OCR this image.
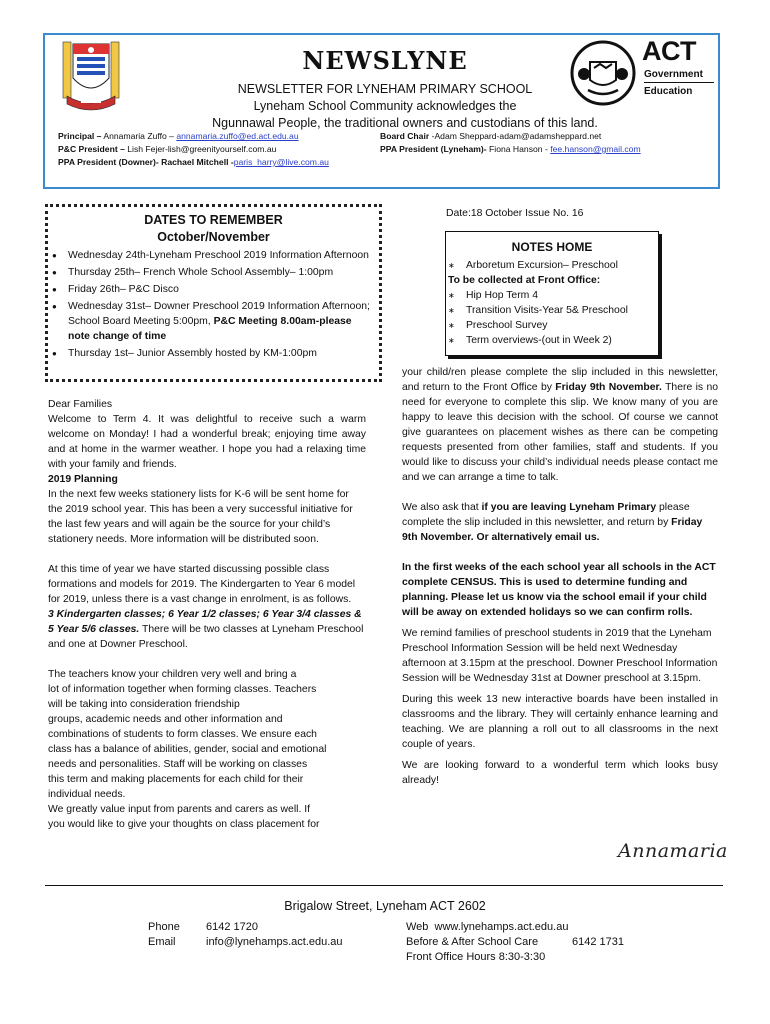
ACT
Government
Education
NEWSLYNE
NEWSLETTER FOR LYNEHAM PRIMARY SCHOOL
Lyneham School Community acknowledges the
Ngunnawal People, the traditional owners and custodians of this land.
Principal – Annamaria Zuffo – annamaria.zuffo@ed.act.edu.au
P&C President – Lish Fejer-lish@greenityourself.com.au
PPA President (Downer)- Rachael Mitchell -paris_harry@live.com.au
Board Chair -Adam Sheppard-adam@adamsheppard.net
PPA President (Lyneham)- Fiona Hanson - fee.hanson@gmail.com
DATES TO REMEMBER
October/November
● Wednesday 24th-Lyneham Preschool 2019 Information Afternoon
● Thursday 25th– French Whole School Assembly– 1:00pm
● Friday 26th– P&C Disco
● Wednesday 31st– Downer Preschool 2019 Information Afternoon; School Board Meeting 5:00pm, P&C Meeting 8.00am-please note change of time
● Thursday 1st– Junior Assembly hosted by KM-1:00pm
Date:18 October Issue No. 16
NOTES HOME
∗ Arboretum Excursion– Preschool
To be collected at Front Office:
∗ Hip Hop Term 4
∗ Transition Visits-Year 5& Preschool
∗ Preschool Survey
∗ Term overviews-(out in Week 2)

Dear Families

Welcome to Term 4. It was delightful to receive such a warm welcome on Monday! I had a wonderful break; enjoying time away and at home in the warmer weather. I hope you had a relaxing time with your family and friends.

2019 Planning

In the next few weeks stationery lists for K-6 will be sent home for the 2019 school year. This has been a very successful initiative for the last few years and will again be the source for your child’s stationery needs. More information will be distributed soon.

At this time of year we have started discussing possible class formations and models for 2019. The Kindergarten to Year 6 model for 2019, unless there is a vast change in enrolment, is as follows.
3 Kindergarten classes; 6 Year 1/2 classes; 6 Year 3/4 classes & 5 Year 5/6 classes. There will be two classes at Lyneham Preschool and one at Downer Preschool.

The teachers know your children very well and bring a
lot of information together when forming classes. Teachers
will be taking into consideration friendship
groups, academic needs and other information and
combinations of students to form classes. We ensure each
class has a balance of abilities, gender, social and emotional
needs and personalities. Staff will be working on classes
this term and making placements for each child for their
individual needs.
We greatly value input from parents and carers as well. If
you would like to give your thoughts on class placement for

your child/ren please complete the slip included in this newsletter, and return to the Front Office by Friday 9th November. There is no need for everyone to complete this slip. We know many of you are happy to leave this decision with the school. Of course we cannot give guarantees on placement wishes as there can be competing requests presented from other families, staff and students. If you would like to discuss your child’s individual needs please contact me and we can arrange a time to talk.

We also ask that if you are leaving Lyneham Primary please complete the slip included in this newsletter, and return by Friday 9th November. Or alternatively email us.

In the first weeks of the each school year all schools in the ACT complete CENSUS. This is used to determine funding and planning. Please let us know via the school email if your child will be away on extended holidays so we can confirm rolls.

We remind families of preschool students in 2019 that the Lyneham Preschool Information Session will be held next Wednesday afternoon at 3.15pm at the preschool. Downer Preschool Information Session will be Wednesday 31st at Downer preschool at 3.15pm.

During this week 13 new interactive boards have been installed in classrooms and the library. They will certainly enhance learning and teaching. We are planning a roll out to all classrooms in the next couple of years.

We are looking forward to a wonderful term which looks busy already!

Annamaria
Brigalow Street, Lyneham ACT 2602
Phone 6142 1720
Email	info@lynehamps.act.edu.au
Web www.lynehamps.act.edu.au
Before & After School Care	6142 1731
Front Office Hours 8:30-3:30
